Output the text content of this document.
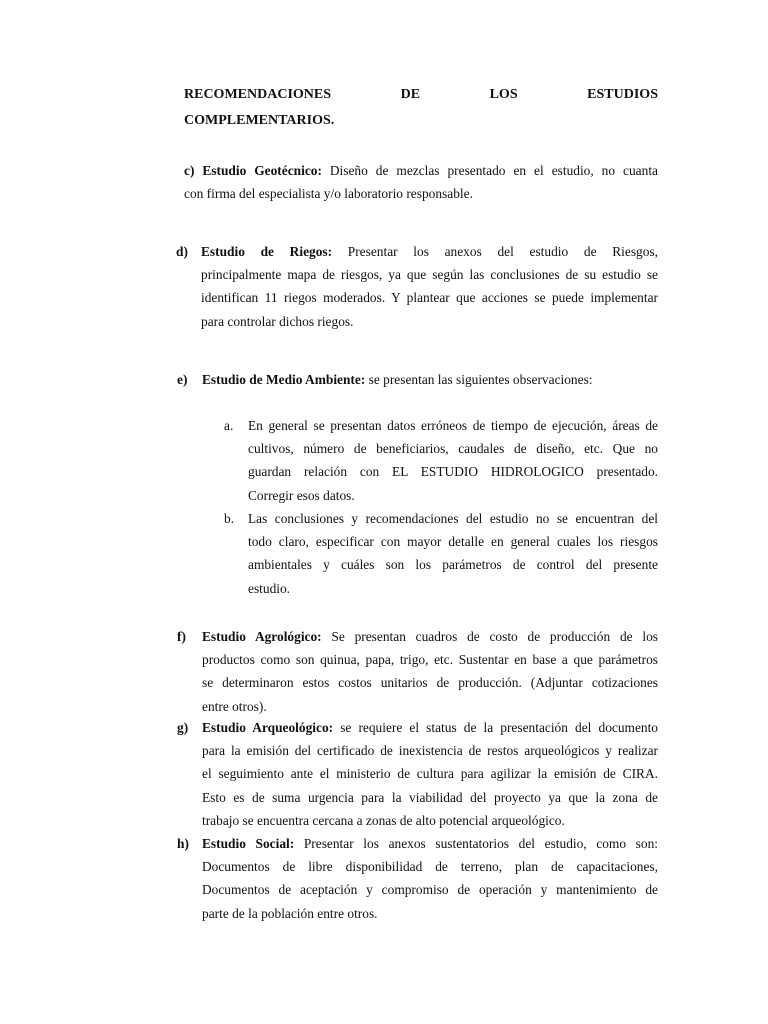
RECOMENDACIONES	DE	LOS	ESTUDIOS
COMPLEMENTARIOS.
c) Estudio Geotécnico: Diseño de mezclas presentado en el estudio, no cuanta
con firma del especialista y/o laboratorio responsable.
d) Estudio de Riegos: Presentar los anexos del estudio de Riesgos,
principalmente mapa de riesgos, ya que según las conclusiones de su estudio se
identifican 11 riegos moderados. Y plantear que acciones se puede implementar
para controlar dichos riegos.
e) Estudio de Medio Ambiente: se presentan las siguientes observaciones:
a. En general se presentan datos erróneos de tiempo de ejecución, áreas de
cultivos, número de beneficiarios, caudales de diseño, etc. Que no
guardan relación con EL ESTUDIO HIDROLOGICO presentado.
Corregir esos datos.
b. Las conclusiones y recomendaciones del estudio no se encuentran del
todo claro, especificar con mayor detalle en general cuales los riesgos
ambientales y cuáles son los parámetros de control del presente
estudio.
f) Estudio Agrológico: Se presentan cuadros de costo de producción de los
productos como son quinua, papa, trigo, etc. Sustentar en base a que parámetros
se determinaron estos costos unitarios de producción. (Adjuntar cotizaciones
entre otros).
g) Estudio Arqueológico: se requiere el status de la presentación del documento
para la emisión del certificado de inexistencia de restos arqueológicos y realizar
el seguimiento ante el ministerio de cultura para agilizar la emisión de CIRA.
Esto es de suma urgencia para la viabilidad del proyecto ya que la zona de
trabajo se encuentra cercana a zonas de alto potencial arqueológico.
h) Estudio Social: Presentar los anexos sustentatorios del estudio, como son:
Documentos de libre disponibilidad de terreno, plan de capacitaciones,
Documentos de aceptación y compromiso de operación y mantenimiento de
parte de la población entre otros.
